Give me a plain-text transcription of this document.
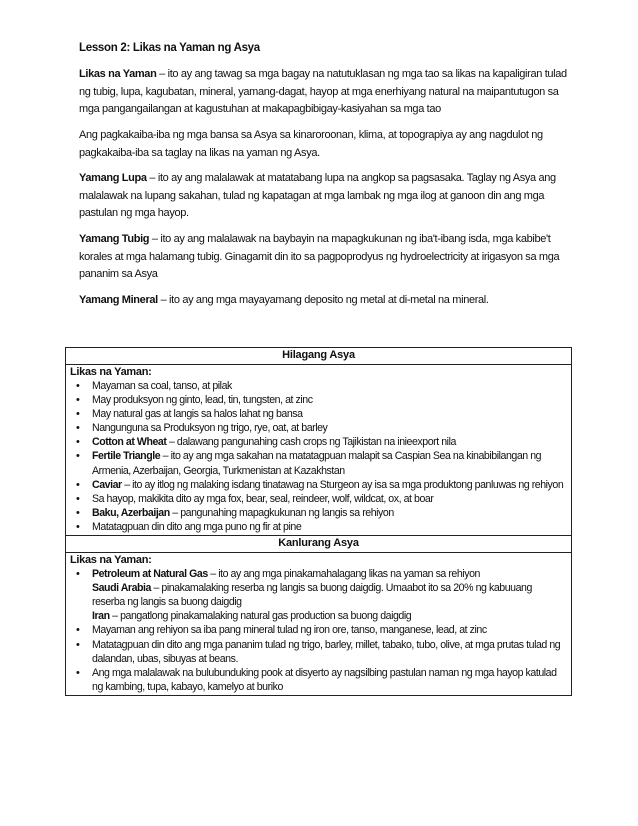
Lesson 2: Likas na Yaman ng Asya

Likas na Yaman – ito ay ang tawag sa mga bagay na natutuklasan ng mga tao sa likas na kapaligiran tulad ng tubig, lupa, kagubatan, mineral, yamang-dagat, hayop at mga enerhiyang natural na maipantutugon sa mga pangangailangan at kagustuhan at makapagbibigay-kasiyahan sa mga tao

Ang pagkakaiba-iba ng mga bansa sa Asya sa kinaroroonan, klima, at topograpiya ay ang nagdulot ng pagkakaiba-iba sa taglay na likas na yaman ng Asya.

Yamang Lupa – ito ay ang malalawak at matatabang lupa na angkop sa pagsasaka. Taglay ng Asya ang malalawak na lupang sakahan, tulad ng kapatagan at mga lambak ng mga ilog at ganoon din ang mga pastulan ng mga hayop.

Yamang Tubig – ito ay ang malalawak na baybayin na mapagkukunan ng iba't-ibang isda, mga kabibe't korales at mga halamang tubig. Ginagamit din ito sa pagpoprodyus ng hydroelectricity at irigasyon sa mga pananim sa Asya

Yamang Mineral – ito ay ang mga mayayamang deposito ng metal at di-metal na mineral.

Hilagang Asya

Likas na Yaman:
• Mayaman sa coal, tanso, at pilak
• May produksyon ng ginto, lead, tin, tungsten, at zinc
• May natural gas at langis sa halos lahat ng bansa
• Nangunguna sa Produksyon ng trigo, rye, oat, at barley
• Cotton at Wheat – dalawang pangunahing cash crops ng Tajikistan na inieexport nila
• Fertile Triangle – ito ay ang mga sakahan na matatagpuan malapit sa Caspian Sea na kinabibilangan ng Armenia, Azerbaijan, Georgia, Turkmenistan at Kazakhstan
• Caviar – ito ay itlog ng malaking isdang tinatawag na Sturgeon ay isa sa mga produktong panluwas ng rehiyon
• Sa hayop, makikita dito ay mga fox, bear, seal, reindeer, wolf, wildcat, ox, at boar
• Baku, Azerbaijan – pangunahing mapagkukunan ng langis sa rehiyon
• Matatagpuan din dito ang mga puno ng fir at pine

Kanlurang Asya

Likas na Yaman:
• Petroleum at Natural Gas – ito ay ang mga pinakamahalagang likas na yaman sa rehiyon
Saudi Arabia – pinakamalaking reserba ng langis sa buong daigdig. Umaabot ito sa 20% ng kabuuang reserba ng langis sa buong daigdig
Iran – pangatlong pinakamalaking natural gas production sa buong daigdig
• Mayaman ang rehiyon sa iba pang mineral tulad ng iron ore, tanso, manganese, lead, at zinc
• Matatagpuan din dito ang mga pananim tulad ng trigo, barley, millet, tabako, tubo, olive, at mga prutas tulad ng dalandan, ubas, sibuyas at beans.
• Ang mga malalawak na bulubunduking pook at disyerto ay nagsilbing pastulan naman ng mga hayop katulad ng kambing, tupa, kabayo, kamelyo at buriko
